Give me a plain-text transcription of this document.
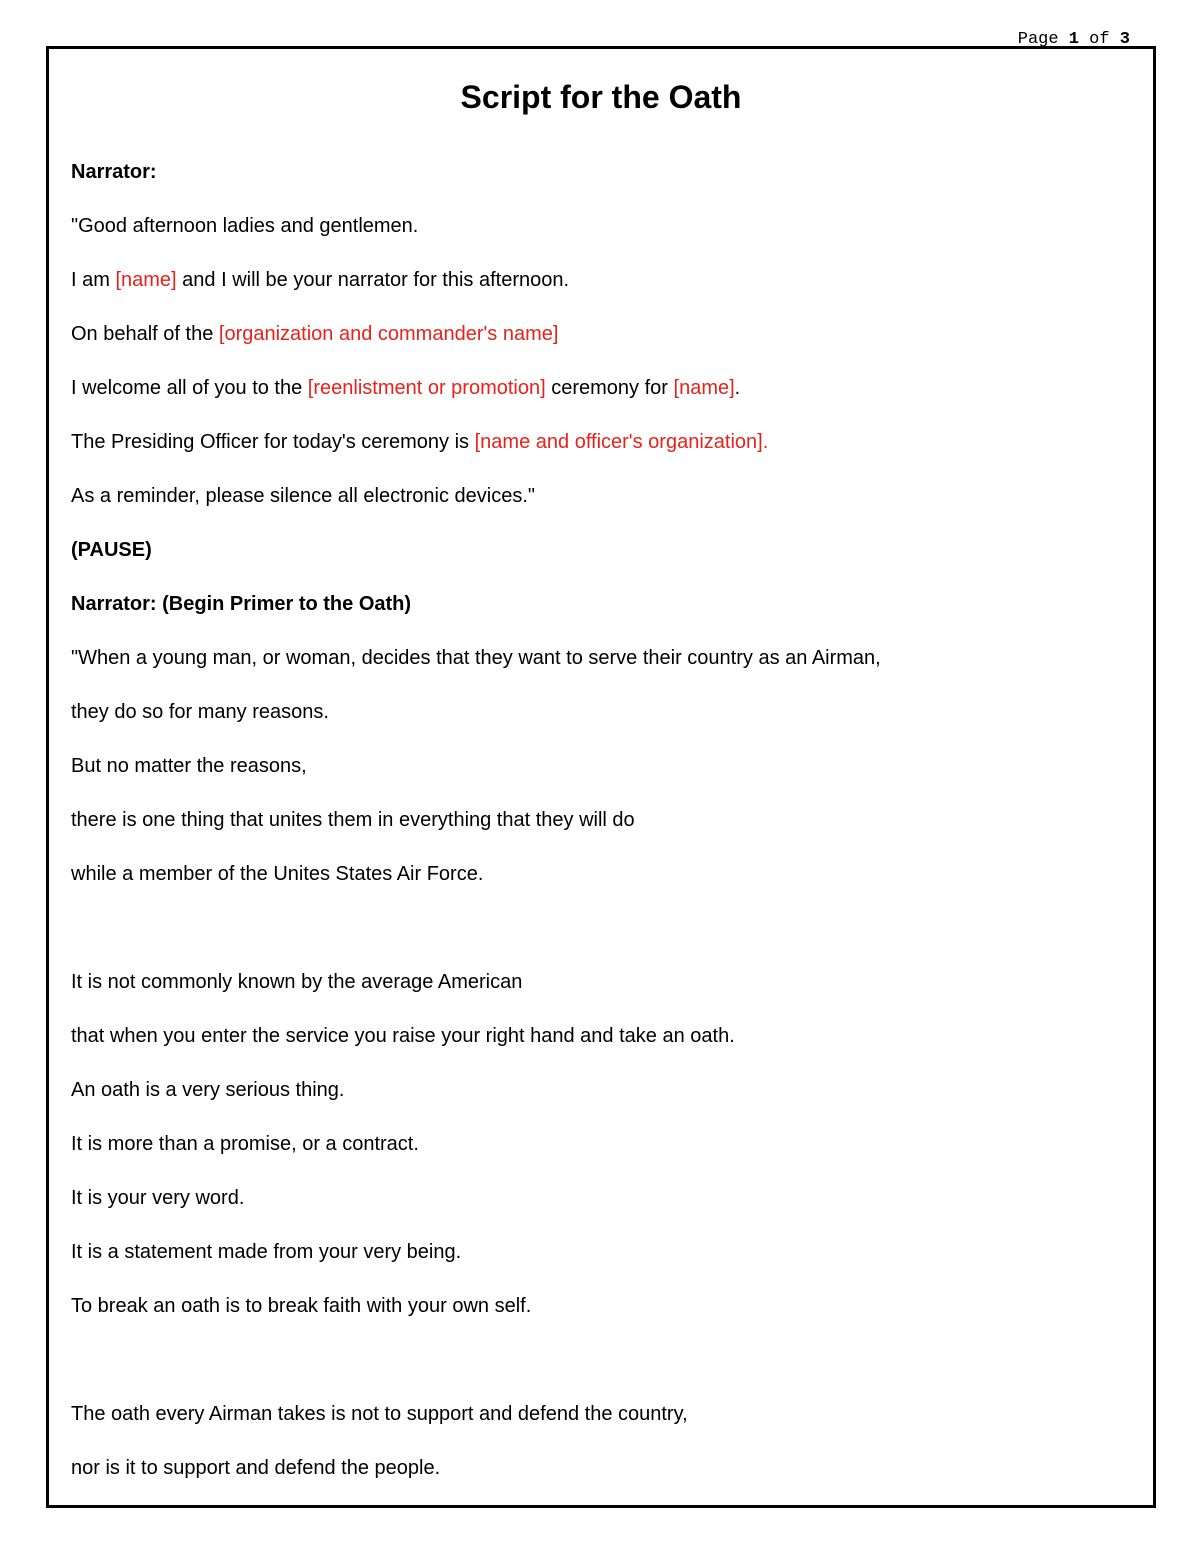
Page 1 of 3
Script for the Oath
Narrator:
"Good afternoon ladies and gentlemen.
I am [name] and I will be your narrator for this afternoon.
On behalf of the [organization and commander's name]
I welcome all of you to the [reenlistment or promotion] ceremony for [name].
The Presiding Officer for today's ceremony is [name and officer's organization].
As a reminder, please silence all electronic devices."
(PAUSE)
Narrator: (Begin Primer to the Oath)
"When a young man, or woman, decides that they want to serve their country as an Airman,
they do so for many reasons.
But no matter the reasons,
there is one thing that unites them in everything that they will do
while a member of the Unites States Air Force.
It is not commonly known by the average American
that when you enter the service you raise your right hand and take an oath.
An oath is a very serious thing.
It is more than a promise, or a contract.
It is your very word.
It is a statement made from your very being.
To break an oath is to break faith with your own self.
The oath every Airman takes is not to support and defend the country,
nor is it to support and defend the people.
